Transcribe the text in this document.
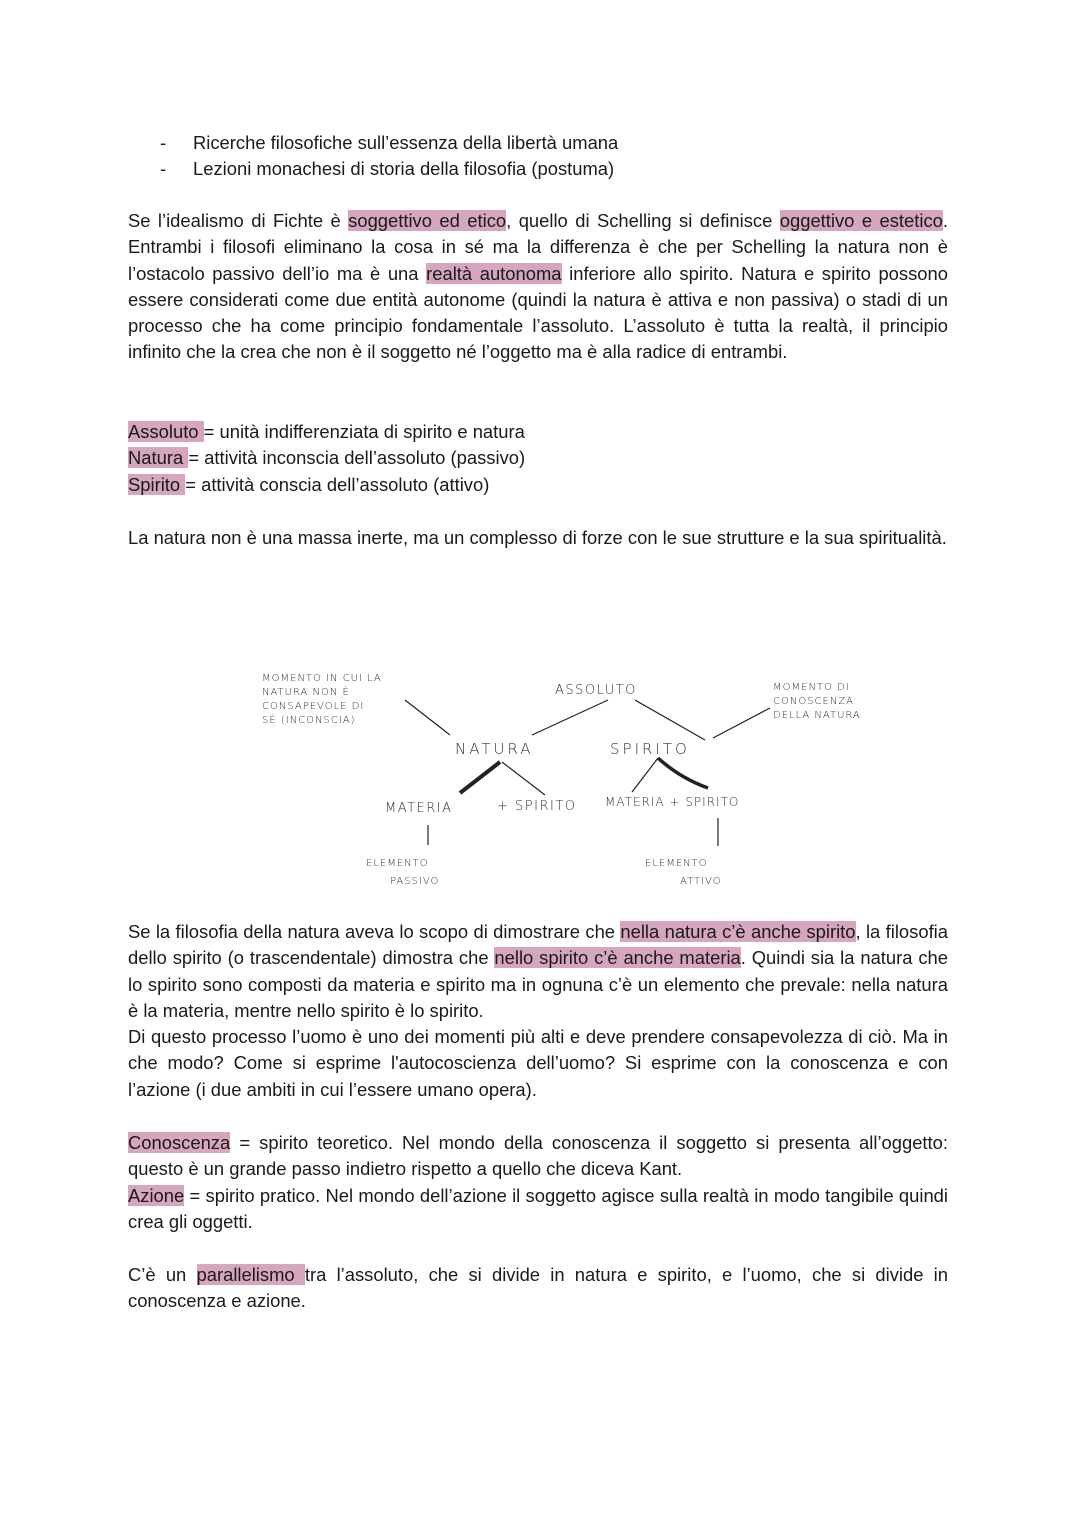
-	Ricerche filosofiche sull’essenza della libertà umana
-	Lezioni monachesi di storia della filosofia (postuma)

Se l’idealismo di Fichte è soggettivo ed etico, quello di Schelling si definisce oggettivo e estetico. Entrambi i filosofi eliminano la cosa in sé ma la differenza è che per Schelling la natura non è l’ostacolo passivo dell’io ma è una realtà autonoma inferiore allo spirito. Natura e spirito possono essere considerati come due entità autonome (quindi la natura è attiva e non passiva) o stadi di un processo che ha come principio fondamentale l’assoluto. L’assoluto è tutta la realtà, il principio infinito che la crea che non è il soggetto né l’oggetto ma è alla radice di entrambi.

Assoluto = unità indifferenziata di spirito e natura

Natura = attività inconscia dell’assoluto (passivo)

Spirito = attività conscia dell’assoluto (attivo)

La natura non è una massa inerte, ma un complesso di forze con le sue strutture e la sua spiritualità.

MOMENTO IN CUI LA
NATURA NON È
CONSAPEVOLE DI
SÉ (INCONSCIA)
ASSOLUTO	MOMENTO DI
CONOSCENZA
DELLA NATURA
NATURA	SPIRITO
MATERIA	+ SPIRITO MATERIA + SPIRITO
ELEMENTO
PASSIVO
ELEMENTO
ATTIVO

Se la filosofia della natura aveva lo scopo di dimostrare che nella natura c’è anche spirito, la filosofia dello spirito (o trascendentale) dimostra che nello spirito c’è anche materia. Quindi sia la natura che lo spirito sono composti da materia e spirito ma in ognuna c’è un elemento che prevale: nella natura è la materia, mentre nello spirito è lo spirito.

Di questo processo l’uomo è uno dei momenti più alti e deve prendere consapevolezza di ciò. Ma in che modo? Come si esprime l'autocoscienza dell’uomo? Si esprime con la conoscenza e con l’azione (i due ambiti in cui l’essere umano opera).

Conoscenza = spirito teoretico. Nel mondo della conoscenza il soggetto si presenta all’oggetto: questo è un grande passo indietro rispetto a quello che diceva Kant.

Azione = spirito pratico. Nel mondo dell’azione il soggetto agisce sulla realtà in modo tangibile quindi crea gli oggetti.

C’è un parallelismo tra l’assoluto, che si divide in natura e spirito, e l’uomo, che si divide in conoscenza e azione.
